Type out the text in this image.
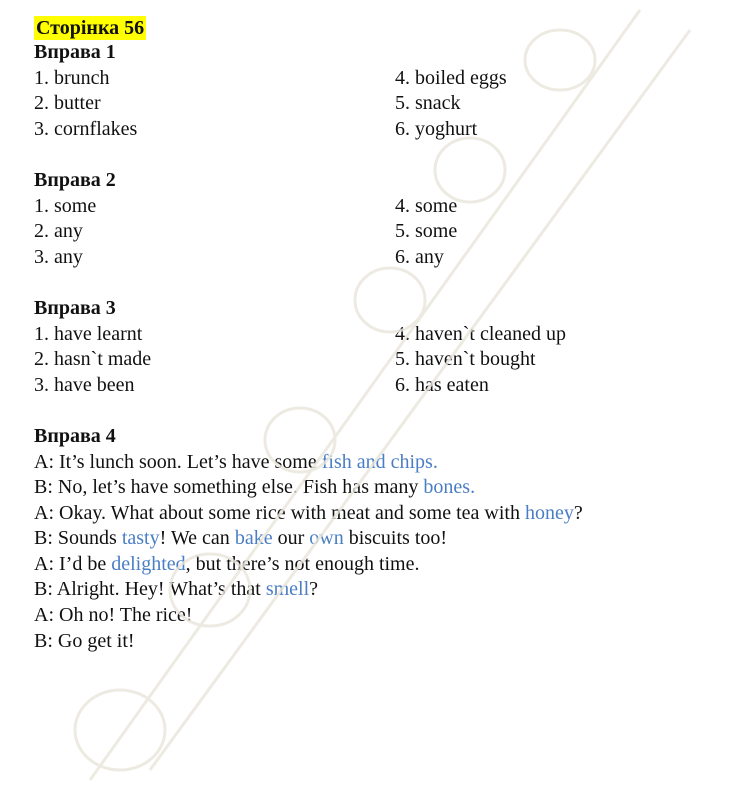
Сторінка 56
Вправа 1
1. brunch	4. boiled eggs
2. butter	5. snack
3. cornflakes	6. yoghurt
Вправа 2
1. some	4. some
2. any	5. some
3. any	6. any
Вправа 3
1. have learnt	4. haven`t cleaned up
2. hasn`t made	5. haven`t bought
3. have been	6. has eaten
Вправа 4
A: It’s lunch soon. Let’s have some fish and chips.
B: No, let’s have something else. Fish has many bones.
A: Okay. What about some rice with meat and some tea with honey?
B: Sounds tasty! We can bake our own biscuits too!
A: I’d be delighted, but there’s not enough time.
B: Alright. Hey! What’s that smell?
A: Oh no! The rice!
B: Go get it!
